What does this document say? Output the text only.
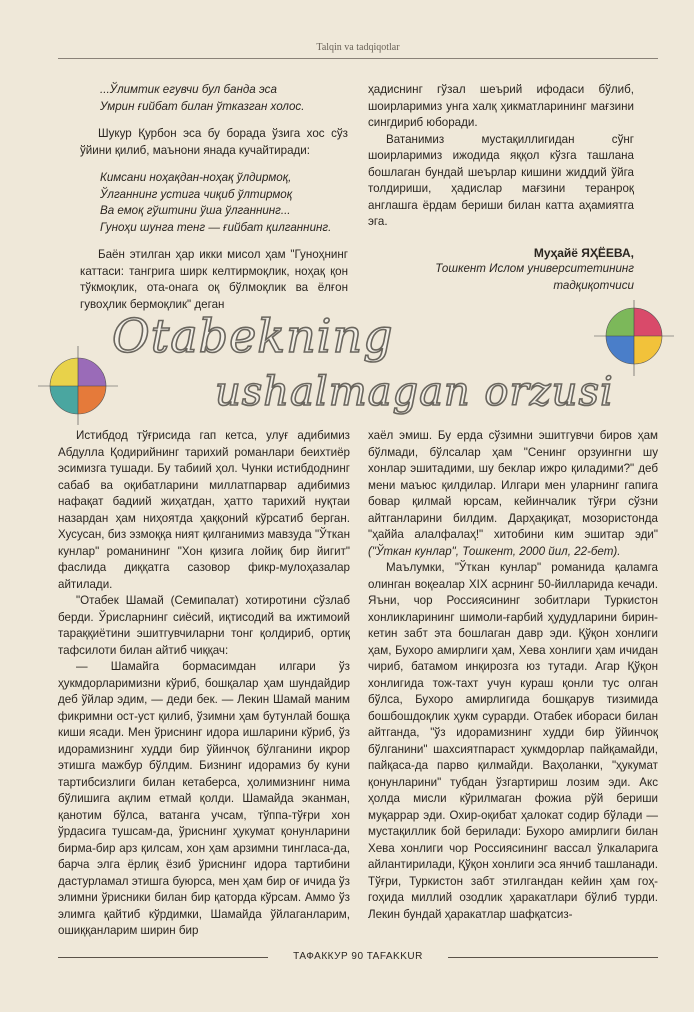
Talqin va tadqiqotlar
...Ўлимтик егувчи бул банда эса
Умрин ғийбат билан ўтказган холос.

Шукур Қурбон эса бу борада ўзига хос сўз ўйини қилиб, маънони янада кучайтиради:

Кимсани ноҳақдан-ноҳақ ўлдирмоқ,
Ўлганнинг устига чиқиб ўлтирмоқ
Ва емоқ гўштини ўша ўлганнинг...
Гуноҳи шунга тенг — ғийбат қилганнинг.

Баён этилган ҳар икки мисол ҳам "Гуноҳнинг каттаси: тангрига ширк келтирмоқлик, ноҳақ қон тўкмоқлик, ота-онага оқ бўлмоқлик ва ёлғон гувоҳлик бермоқлик" деган

ҳадиснинг гўзал шеърий ифодаси бўлиб, шоирларимиз унга халқ ҳикматларининг мағзини сингдириб юборади.

Ватанимиз мустақиллигидан сўнг шоирларимиз ижодида яққол кўзга ташлана бошлаган бундай шеърлар кишини жиддий ўйга толдириши, ҳадислар мағзини теранроқ англашга ёрдам бериши билан катта аҳамиятга эга.

Муҳайё ЯҲЁЕВА,
Тошкент Ислом университетининг
тадқиқотчиси
Otabekning
ushalmagan orzusi

Истибдод тўғрисида гап кетса, улуғ адибимиз Абдулла Қодирийнинг тарихий романлари беихтиёр эсимизга тушади. Бу табиий ҳол. Чунки истибдоднинг сабаб ва оқибатларини миллатпарвар адибимиз нафақат бадиий жиҳатдан, ҳатто тарихий нуқтаи назардан ҳам ниҳоятда ҳаққоний кўрсатиб берган. Хусусан, биз эзмоққа ният қилганимиз мавзуда "Ўткан кунлар" романининг "Хон қизига лойиқ бир йигит" фаслида диққатга сазовор фикр-мулоҳазалар айтилади.

"Отабек Шамай (Семипалат) хотиротини сўзлаб берди. Ўрисларнинг сиёсий, иқтисодий ва ижтимоий тараққиётини эшитгувчиларни тонг қолдириб, ортиқ тафсилоти билан айтиб чиққач:

— Шамайга бормасимдан илгари ўз ҳукмдорларимизни кўриб, бошқалар ҳам шундайдир деб ўйлар эдим, — деди бек. — Лекин Шамай маним фикримни ост-уст қилиб, ўзимни ҳам бутунлай бошқа киши ясади. Мен ўриснинг идора ишларини кўриб, ўз идорамизнинг худди бир ўйинчоқ бўлганини иқрор этишга мажбур бўлдим. Бизнинг идорамиз бу куни тартибсизлиги билан кетаберса, ҳолимизнинг нима бўлишига ақлим етмай қолди. Шамайда эканман, қанотим бўлса, ватанга учсам, тўппа-тўғри хон ўрдасига тушсам-да, ўриснинг ҳукумат қонунларини бирма-бир арз қилсам, хон ҳам арзимни тингласа-да, барча элга ёрлиқ ёзиб ўриснинг идора тартибини дастурламал этишга буюрса, мен ҳам бир оғ ичида ўз элимни ўрисники билан бир қаторда кўрсам. Аммо ўз элимга қайтиб кўрдимки, Шамайда ўйлаганларим, ошиққанларим ширин бир

хаёл эмиш. Бу ерда сўзимни эшитгувчи биров ҳам бўлмади, бўлсалар ҳам "Сенинг орзуингни шу хонлар эшитадими, шу беклар ижро қиладими?" деб мени маъюс қилдилар. Илгари мен уларнинг гапига бовар қилмай юрсам, кейинчалик тўғри сўзни айтганларини билдим. Дарҳақиқат, мозористонда "ҳаййа алалфалаҳ!" хитобини ким эшитар эди" ("Ўткан кунлар", Тошкент, 2000 йил, 22-бет).

Маълумки, "Ўткан кунлар" романида қаламга олинган воқеалар XIX асрнинг 50-йилларида кечади. Яъни, чор Россиясининг зобитлари Туркистон хонликларининг шимоли-ғарбий ҳудудларини бирин-кетин забт эта бошлаган давр эди. Қўқон хонлиги ҳам, Бухоро амирлиги ҳам, Хева хонлиги ҳам ичидан чириб, батамом инқирозга юз тутади. Агар Қўқон хонлигида тож-тахт учун кураш қонли тус олган бўлса, Бухоро амирлигида бошқарув тизимида бошбошдоқлик ҳукм сурарди. Отабек ибораси билан айтганда, "ўз идорамизнинг худди бир ўйинчоқ бўлганини" шахсиятпараст ҳукмдорлар пайқамайди, пайқаса-да парво қилмайди. Ваҳоланки, "ҳукумат қонунларини" тубдан ўзгартириш лозим эди. Акс ҳолда мисли кўрилмаган фожиа рўй бериши муқаррар эди. Охир-оқибат ҳалокат содир бўлади — мустақиллик бой берилади: Бухоро амирлиги билан Хева хонлиги чор Россиясининг вассал ўлкаларига айлантирилади, Қўқон хонлиги эса янчиб ташланади. Тўғри, Туркистон забт этилгандан кейин ҳам гоҳ-гоҳида миллий озодлик ҳаракатлари бўлиб турди. Лекин бундай ҳаракатлар шафқатсиз-

ТАФАККУР 90 TAFAKKUR
